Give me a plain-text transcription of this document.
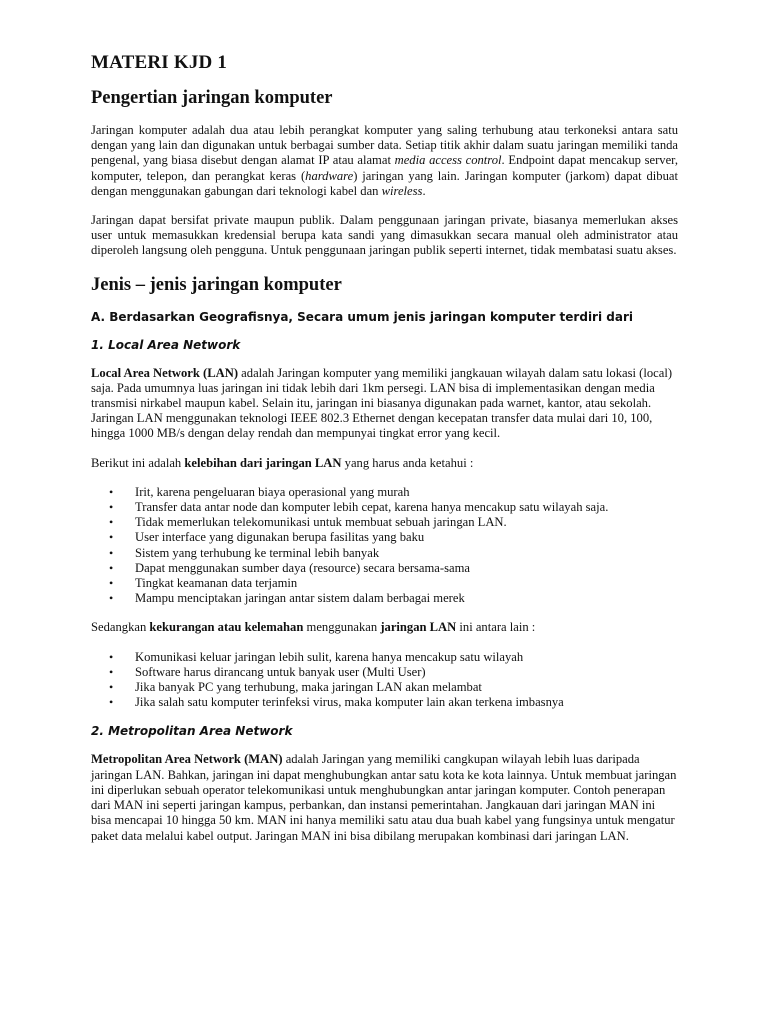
MATERI KJD 1
Pengertian jaringan komputer

Jaringan komputer adalah dua atau lebih perangkat komputer yang saling terhubung atau terkoneksi antara satu dengan yang lain dan digunakan untuk berbagai sumber data. Setiap titik akhir dalam suatu jaringan memiliki tanda pengenal, yang biasa disebut dengan alamat IP atau alamat media access control. Endpoint dapat mencakup server, komputer, telepon, dan perangkat keras (hardware) jaringan yang lain. Jaringan komputer (jarkom) dapat dibuat dengan menggunakan gabungan dari teknologi kabel dan wireless.

Jaringan dapat bersifat private maupun publik. Dalam penggunaan jaringan private, biasanya memerlukan akses user untuk memasukkan kredensial berupa kata sandi yang dimasukkan secara manual oleh administrator atau diperoleh langsung oleh pengguna. Untuk penggunaan jaringan publik seperti internet, tidak membatasi suatu akses.

Jenis – jenis jaringan komputer
A. Berdasarkan Geografisnya, Secara umum jenis jaringan komputer terdiri dari
1. Local Area Network

Local Area Network (LAN) adalah Jaringan komputer yang memiliki jangkauan wilayah dalam satu lokasi (local) saja. Pada umumnya luas jaringan ini tidak lebih dari 1km persegi. LAN bisa di implementasikan dengan media transmisi nirkabel maupun kabel. Selain itu, jaringan ini biasanya digunakan pada warnet, kantor, atau sekolah. Jaringan LAN menggunakan teknologi IEEE 802.3 Ethernet dengan kecepatan transfer data mulai dari 10, 100, hingga 1000 MB/s dengan delay rendah dan mempunyai tingkat error yang kecil.

Berikut ini adalah kelebihan dari jaringan LAN yang harus anda ketahui :

• Irit, karena pengeluaran biaya operasional yang murah
• Transfer data antar node dan komputer lebih cepat, karena hanya mencakup satu wilayah saja.
• Tidak memerlukan telekomunikasi untuk membuat sebuah jaringan LAN.
• User interface yang digunakan berupa fasilitas yang baku
• Sistem yang terhubung ke terminal lebih banyak
• Dapat menggunakan sumber daya (resource) secara bersama-sama
• Tingkat keamanan data terjamin
• Mampu menciptakan jaringan antar sistem dalam berbagai merek

Sedangkan kekurangan atau kelemahan menggunakan jaringan LAN ini antara lain :

• Komunikasi keluar jaringan lebih sulit, karena hanya mencakup satu wilayah
• Software harus dirancang untuk banyak user (Multi User)
• Jika banyak PC yang terhubung, maka jaringan LAN akan melambat
• Jika salah satu komputer terinfeksi virus, maka komputer lain akan terkena imbasnya
2. Metropolitan Area Network

Metropolitan Area Network (MAN) adalah Jaringan yang memiliki cangkupan wilayah lebih luas daripada jaringan LAN. Bahkan, jaringan ini dapat menghubungkan antar satu kota ke kota lainnya. Untuk membuat jaringan ini diperlukan sebuah operator telekomunikasi untuk menghubungkan antar jaringan komputer. Contoh penerapan dari MAN ini seperti jaringan kampus, perbankan, dan instansi pemerintahan. Jangkauan dari jaringan MAN ini bisa mencapai 10 hingga 50 km. MAN ini hanya memiliki satu atau dua buah kabel yang fungsinya untuk mengatur paket data melalui kabel output. Jaringan MAN ini bisa dibilang merupakan kombinasi dari jaringan LAN.
